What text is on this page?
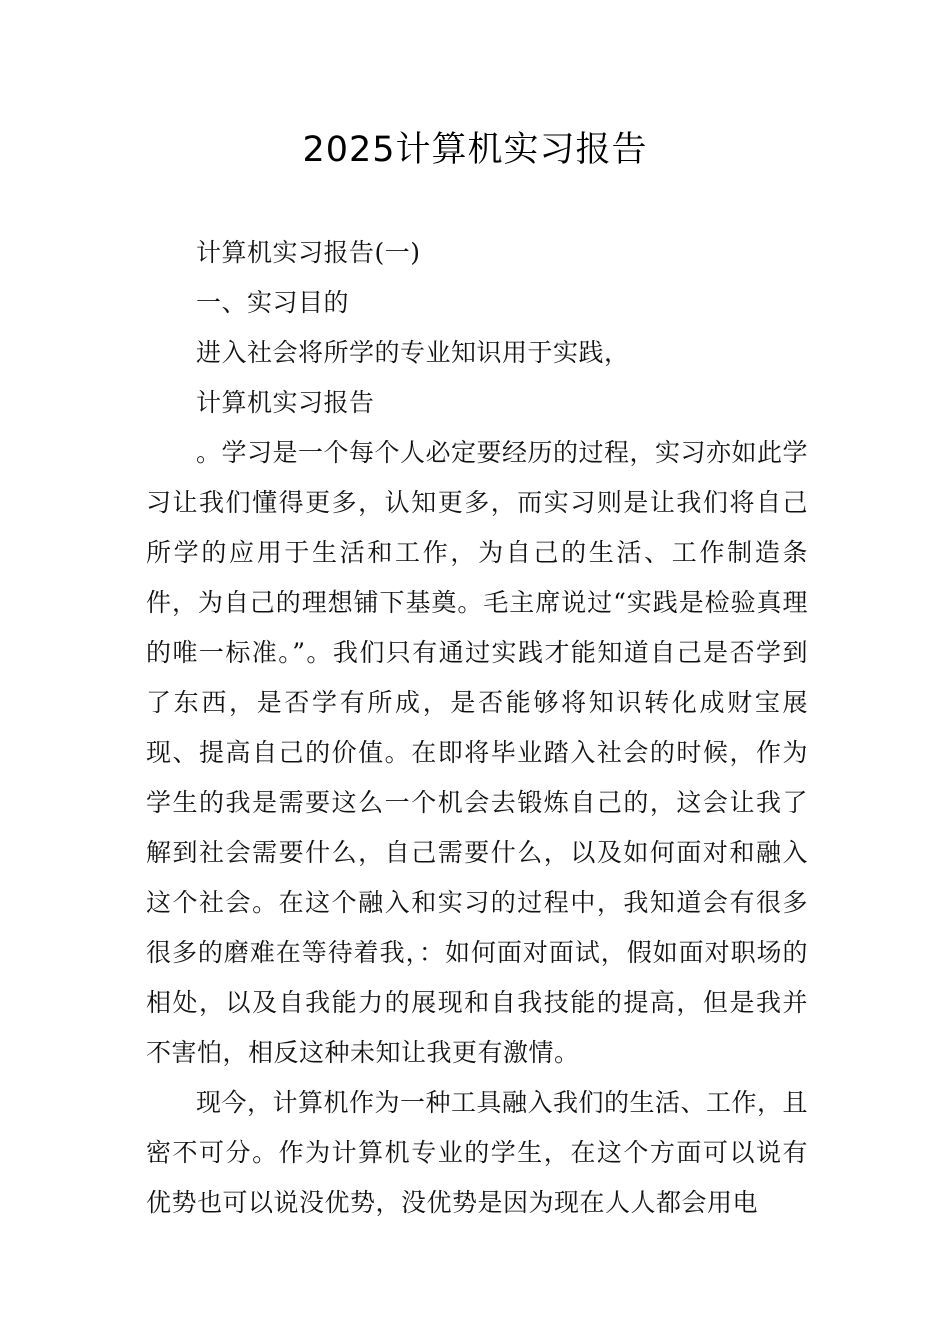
2025计算机实习报告

计算机实习报告(一)

一、实习目的

进入社会将所学的专业知识用于实践，

计算机实习报告

。学习是一个每个人必定要经历的过程，实习亦如此学习让我们懂得更多，认知更多，而实习则是让我们将自己所学的应用于生活和工作，为自己的生活、工作制造条件，为自己的理想铺下基奠。毛主席说过“实践是检验真理的唯一标准。”。我们只有通过实践才能知道自己是否学到了东西，是否学有所成，是否能够将知识转化成财宝展现、提高自己的价值。在即将毕业踏入社会的时候，作为学生的我是需要这么一个机会去锻炼自己的，这会让我了解到社会需要什么，自己需要什么，以及如何面对和融入这个社会。在这个融入和实习的过程中，我知道会有很多很多的磨难在等待着我，：如何面对面试，假如面对职场的相处，以及自我能力的展现和自我技能的提高，但是我并不害怕，相反这种未知让我更有激情。

现今，计算机作为一种工具融入我们的生活、工作，且密不可分。作为计算机专业的学生，在这个方面可以说有优势也可以说没优势，没优势是因为现在人人都会用电
